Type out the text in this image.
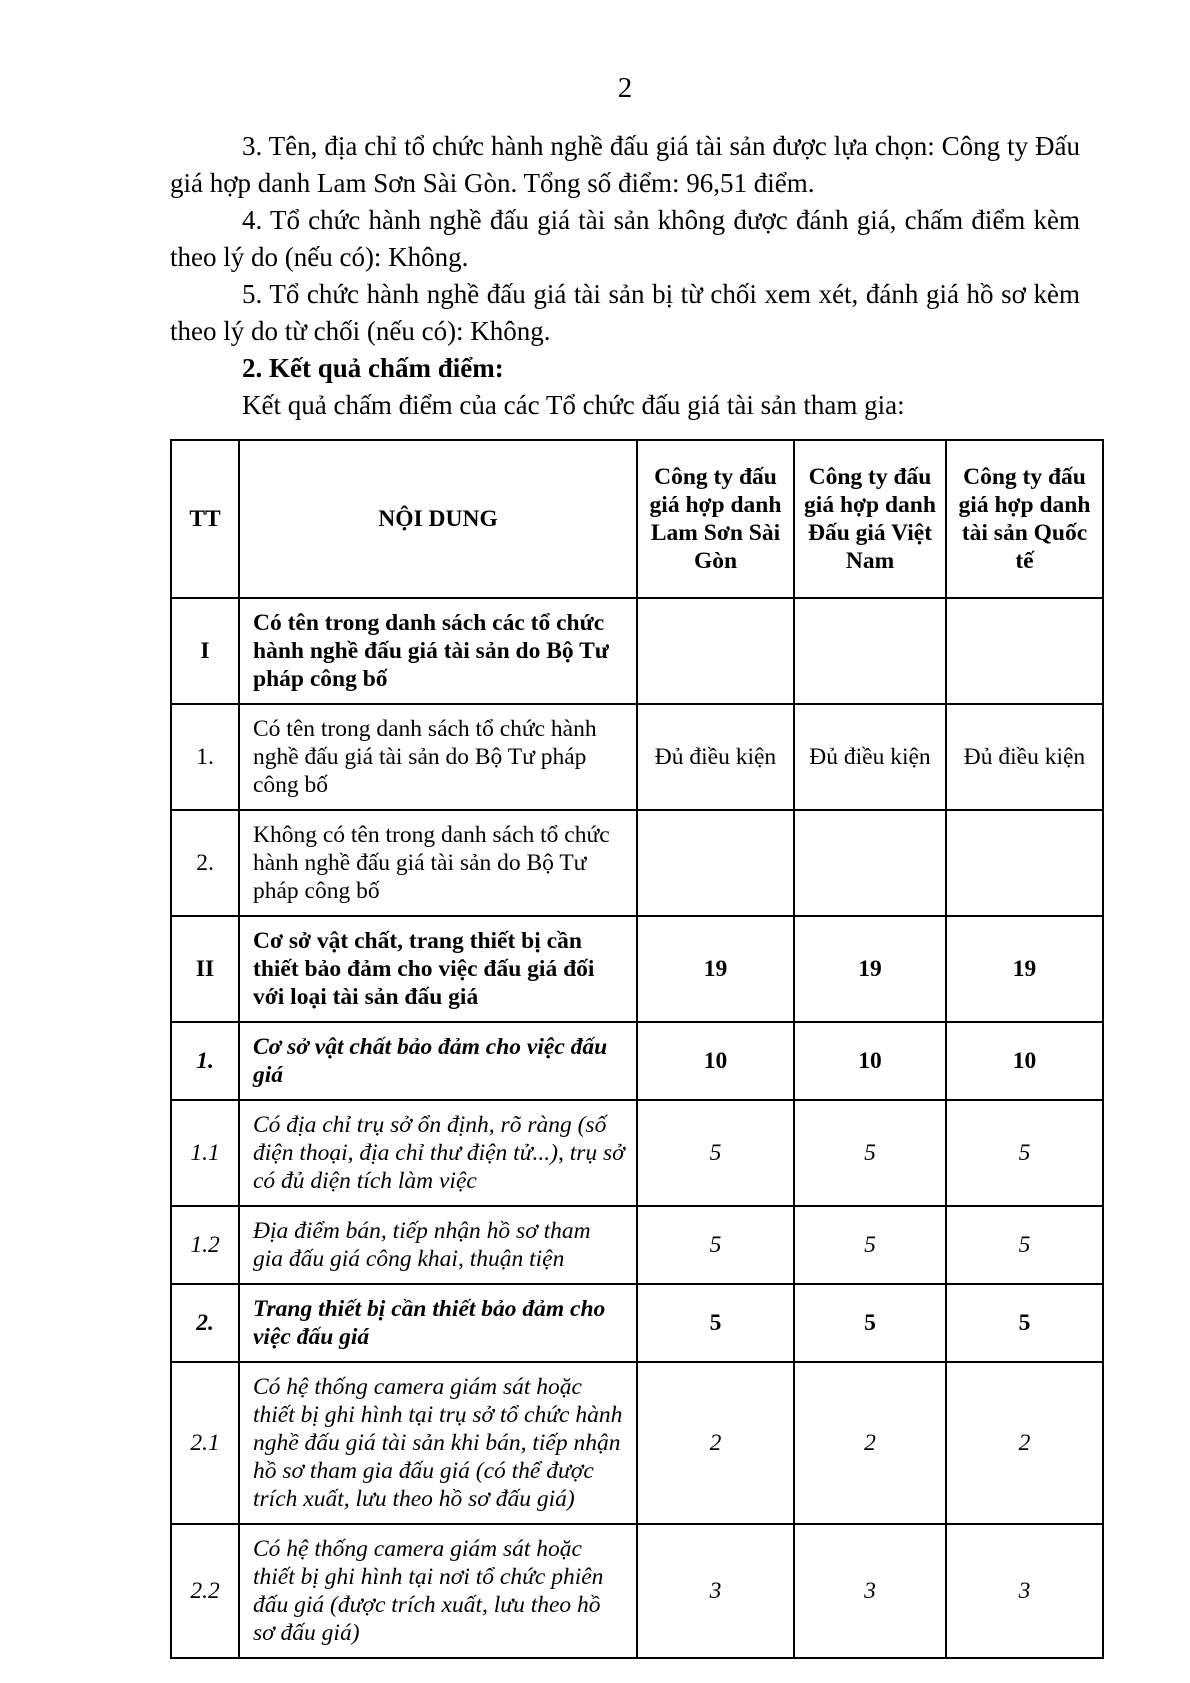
2

3. Tên, địa chỉ tổ chức hành nghề đấu giá tài sản được lựa chọn: Công ty Đấu giá hợp danh Lam Sơn Sài Gòn. Tổng số điểm: 96,51 điểm.

4. Tổ chức hành nghề đấu giá tài sản không được đánh giá, chấm điểm kèm theo lý do (nếu có): Không.

5. Tổ chức hành nghề đấu giá tài sản bị từ chối xem xét, đánh giá hồ sơ kèm theo lý do từ chối (nếu có): Không.

2. Kết quả chấm điểm:

Kết quả chấm điểm của các Tổ chức đấu giá tài sản tham gia:

TT	NỘI DUNG	Công ty đấu giá hợp danh Lam Sơn Sài Gòn	Công ty đấu giá hợp danh Đấu giá Việt Nam	Công ty đấu giá hợp danh tài sản Quốc tế
I	Có tên trong danh sách các tổ chức hành nghề đấu giá tài sản do Bộ Tư pháp công bố			
1.	Có tên trong danh sách tổ chức hành nghề đấu giá tài sản do Bộ Tư pháp công bố	Đủ điều kiện	Đủ điều kiện	Đủ điều kiện
2.	Không có tên trong danh sách tổ chức hành nghề đấu giá tài sản do Bộ Tư pháp công bố			
II	Cơ sở vật chất, trang thiết bị cần thiết bảo đảm cho việc đấu giá đối với loại tài sản đấu giá	19	19	19
1.	Cơ sở vật chất bảo đảm cho việc đấu giá	10	10	10
1.1	Có địa chỉ trụ sở ổn định, rõ ràng (số điện thoại, địa chỉ thư điện tử...), trụ sở có đủ diện tích làm việc	5	5	5
1.2	Địa điểm bán, tiếp nhận hồ sơ tham gia đấu giá công khai, thuận tiện	5	5	5
2.	Trang thiết bị cần thiết bảo đảm cho việc đấu giá	5	5	5
2.1	Có hệ thống camera giám sát hoặc thiết bị ghi hình tại trụ sở tổ chức hành nghề đấu giá tài sản khi bán, tiếp nhận hồ sơ tham gia đấu giá (có thể được trích xuất, lưu theo hồ sơ đấu giá)	2	2	2
2.2	Có hệ thống camera giám sát hoặc thiết bị ghi hình tại nơi tổ chức phiên đấu giá (được trích xuất, lưu theo hồ sơ đấu giá)	3	3	3
